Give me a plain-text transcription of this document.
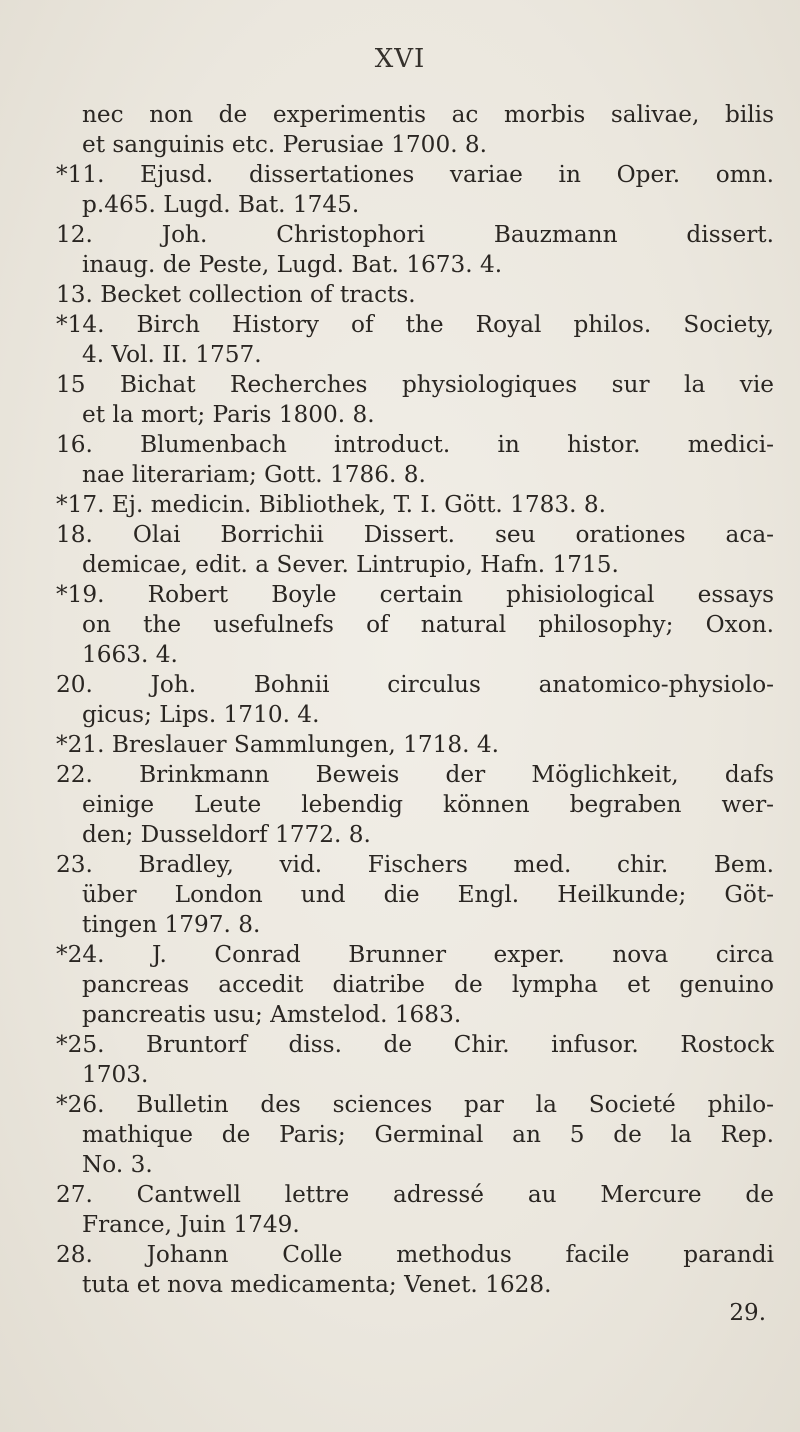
XVI
nec non de experimentis ac morbis salivae, bilis
et sanguinis etc. Perusiae 1700. 8.
*11. Ejusd. dissertationes variae in Oper. omn.
p.465. Lugd. Bat. 1745.
12. Joh. Christophori Bauzmann dissert.
inaug. de Peste, Lugd. Bat. 1673. 4.
13. Becket collection of tracts.
*14. Birch History of the Royal philos. Society,
4. Vol. II. 1757.
15 Bichat Recherches physiologiques sur la vie
et la mort; Paris 1800. 8.
16. Blumenbach introduct. in histor. medici-
nae literariam; Gott. 1786. 8.
*17. Ej. medicin. Bibliothek, T. I. Gött. 1783. 8.
18. Olai Borrichii Dissert. seu orationes aca-
demicae, edit. a Sever. Lintrupio, Hafn. 1715.
*19. Robert Boyle certain phisiological essays
on the usefulnefs of natural philosophy; Oxon.
1663. 4.
20. Joh. Bohnii circulus anatomico-physiolo-
gicus; Lips. 1710. 4.
*21. Breslauer Sammlungen, 1718. 4.
22. Brinkmann Beweis der Möglichkeit, dafs
einige Leute lebendig können begraben wer-
den; Dusseldorf 1772. 8.
23. Bradley, vid. Fischers med. chir. Bem.
über London und die Engl. Heilkunde; Göt-
tingen 1797. 8.
*24. J. Conrad Brunner exper. nova circa
pancreas accedit diatribe de lympha et genuino
pancreatis usu; Amstelod. 1683.
*25. Bruntorf diss. de Chir. infusor. Rostock
1703.
*26. Bulletin des sciences par la Societé philo-
mathique de Paris; Germinal an 5 de la Rep.
No. 3.
27. Cantwell lettre adressé au Mercure de
France, Juin 1749.
28. Johann Colle methodus facile parandi
tuta et nova medicamenta; Venet. 1628.
29.
